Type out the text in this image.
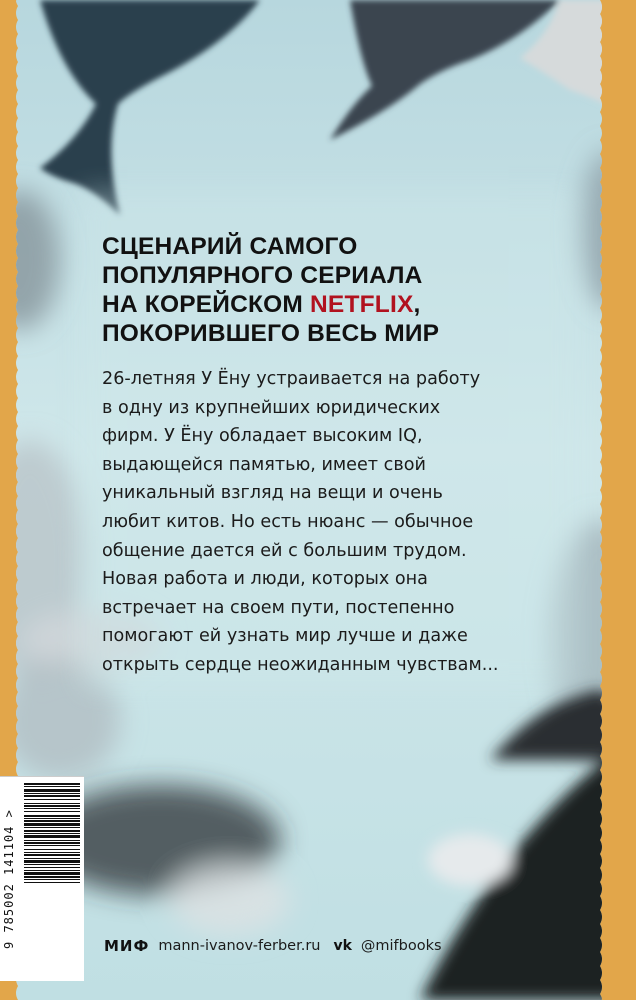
СЦЕНАРИЙ САМОГО
ПОПУЛЯРНОГО СЕРИАЛА
НА КОРЕЙСКОМ NETFLIX,
ПОКОРИВШЕГО ВЕСЬ МИР

26-летняя У Ёну устраивается на работу
в одну из крупнейших юридических
фирм. У Ёну обладает высоким IQ,
выдающейся памятью, имеет свой
уникальный взгляд на вещи и очень
любит китов. Но есть нюанс — обычное
общение дается ей с большим трудом.
Новая работа и люди, которых она
встречает на своем пути, постепенно
помогают ей узнать мир лучше и даже
открыть сердце неожиданным чувствам...

9 785002 141104 >	МИФ mann-ivanov-ferber.ru vk @mifbooks
